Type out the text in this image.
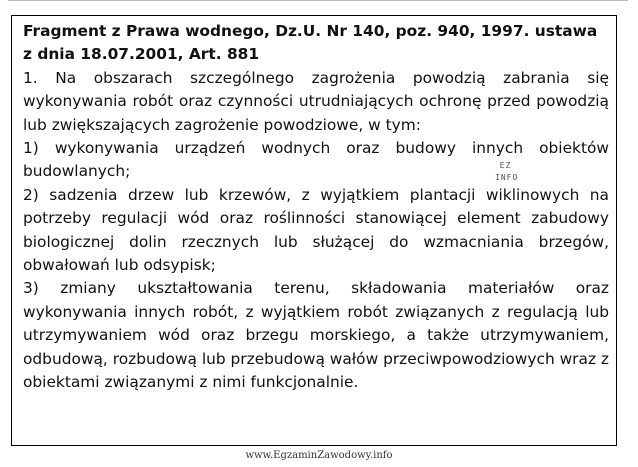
Fragment z Prawa wodnego, Dz.U. Nr 140, poz. 940, 1997. ustawa
z dnia 18.07.2001, Art. 881

1. Na obszarach szczególnego zagrożenia powodzią zabrania się wykonywania robót oraz czynności utrudniających ochronę przed powodzią lub zwiększających zagrożenie powodziowe, w tym:

1) wykonywania urządzeń wodnych oraz budowy innych obiektów budowlanych;

2) sadzenia drzew lub krzewów, z wyjątkiem plantacji wiklinowych na potrzeby regulacji wód oraz roślinności stanowiącej element zabudowy biologicznej dolin rzecznych lub służącej do wzmacniania brzegów, obwałowań lub odsypisk;

3) zmiany ukształtowania terenu, składowania materiałów oraz wykonywania innych robót, z wyjątkiem robót związanych z regulacją lub utrzymywaniem wód oraz brzegu morskiego, a także utrzymywaniem, odbudową, rozbudową lub przebudową wałów przeciwpowodziowych wraz z obiektami związanymi z nimi funkcjonalnie.

EZ
INFO
www.EgzaminZawodowy.info
